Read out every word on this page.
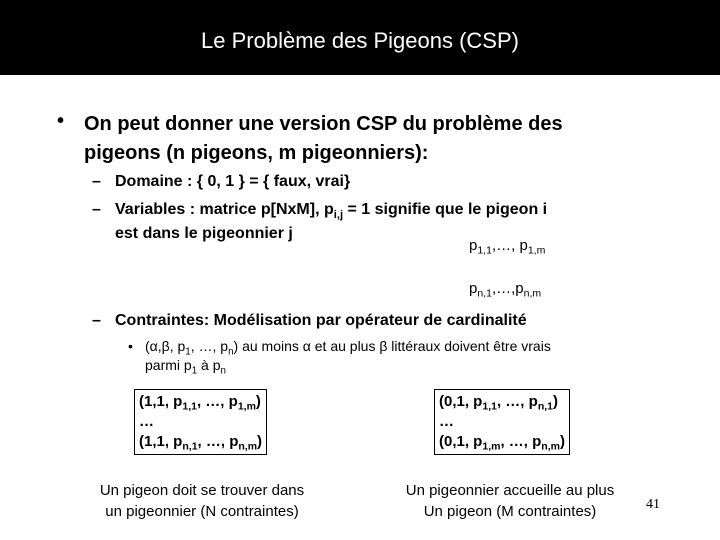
Le Problème des Pigeons (CSP)
• On peut donner une version CSP du problème des
pigeons (n pigeons, m pigeonniers):
– Domaine : { 0, 1 } = { faux, vrai}
– Variables : matrice p[NxM], $p_{i,j} = 1$ signifie que le pigeon i
est dans le pigeonnier j
$p_{1,1},\dots$, $p_{1,m}$
$p_{n,1},\dots,p_{n,m}$
– Contraintes: Modélisation par opérateur de cardinalité
• (α,β, $p_1$, …, $p_n$) au moins α et au plus β littéraux doivent être vrais
parmi $p_1$ à $p_n$
(1,1, $p_{1,1}$, …, $p_{1,m}$)
…
(1,1, $p_{n,1}$, …, $p_{n,m}$)
(0,1, $p_{1,1}$, …, $p_{n,1}$)
…
(0,1, $p_{1,m}$, …, $p_{n,m}$)
Un pigeon doit se trouver dans
un pigeonnier (N contraintes)
Un pigeonnier accueille au plus
Un pigeon (M contraintes)	41
